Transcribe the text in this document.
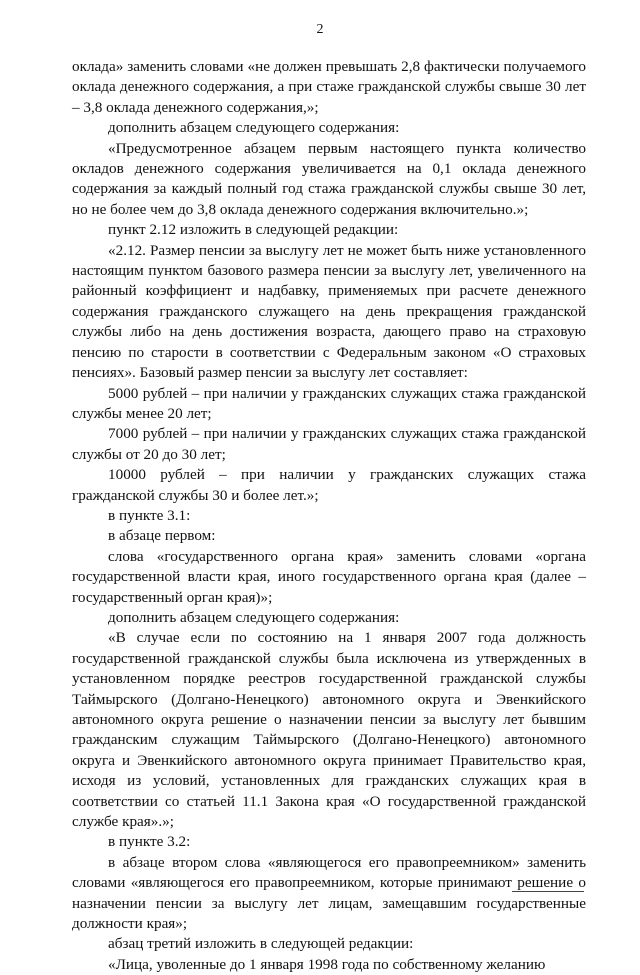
2

оклада» заменить словами «не должен превышать 2,8 фактически получаемого оклада денежного содержания, а при стаже гражданской службы свыше 30 лет – 3,8 оклада денежного содержания,»;

дополнить абзацем следующего содержания:

«Предусмотренное абзацем первым настоящего пункта количество окладов денежного содержания увеличивается на 0,1 оклада денежного содержания за каждый полный год стажа гражданской службы свыше 30 лет, но не более чем до 3,8 оклада денежного содержания включительно.»;

пункт 2.12 изложить в следующей редакции:

«2.12. Размер пенсии за выслугу лет не может быть ниже установленного настоящим пунктом базового размера пенсии за выслугу лет, увеличенного на районный коэффициент и надбавку, применяемых при расчете денежного содержания гражданского служащего на день прекращения гражданской службы либо на день достижения возраста, дающего право на страховую пенсию по старости в соответствии с Федеральным законом «О страховых пенсиях». Базовый размер пенсии за выслугу лет составляет:

5000 рублей – при наличии у гражданских служащих стажа гражданской службы менее 20 лет;

7000 рублей – при наличии у гражданских служащих стажа гражданской службы от 20 до 30 лет;

10000 рублей – при наличии у гражданских служащих стажа гражданской службы 30 и более лет.»;

в пункте 3.1:

в абзаце первом:

слова «государственного органа края» заменить словами «органа государственной власти края, иного государственного органа края (далее – государственный орган края)»;

дополнить абзацем следующего содержания:

«В случае если по состоянию на 1 января 2007 года должность государственной гражданской службы была исключена из утвержденных в установленном порядке реестров государственной гражданской службы Таймырского (Долгано-Ненецкого) автономного округа и Эвенкийского автономного округа решение о назначении пенсии за выслугу лет бывшим гражданским служащим Таймырского (Долгано-Ненецкого) автономного округа и Эвенкийского автономного округа принимает Правительство края, исходя из условий, установленных для гражданских служащих края в соответствии со статьей 11.1 Закона края «О государственной гражданской службе края».»;

в пункте 3.2:

в абзаце втором слова «являющегося его правопреемником» заменить словами «являющегося его правопреемником, которые принимают решение о назначении пенсии за выслугу лет лицам, замещавшим государственные должности края»;

абзац третий изложить в следующей редакции:

«Лица, уволенные до 1 января 1998 года по собственному желанию
